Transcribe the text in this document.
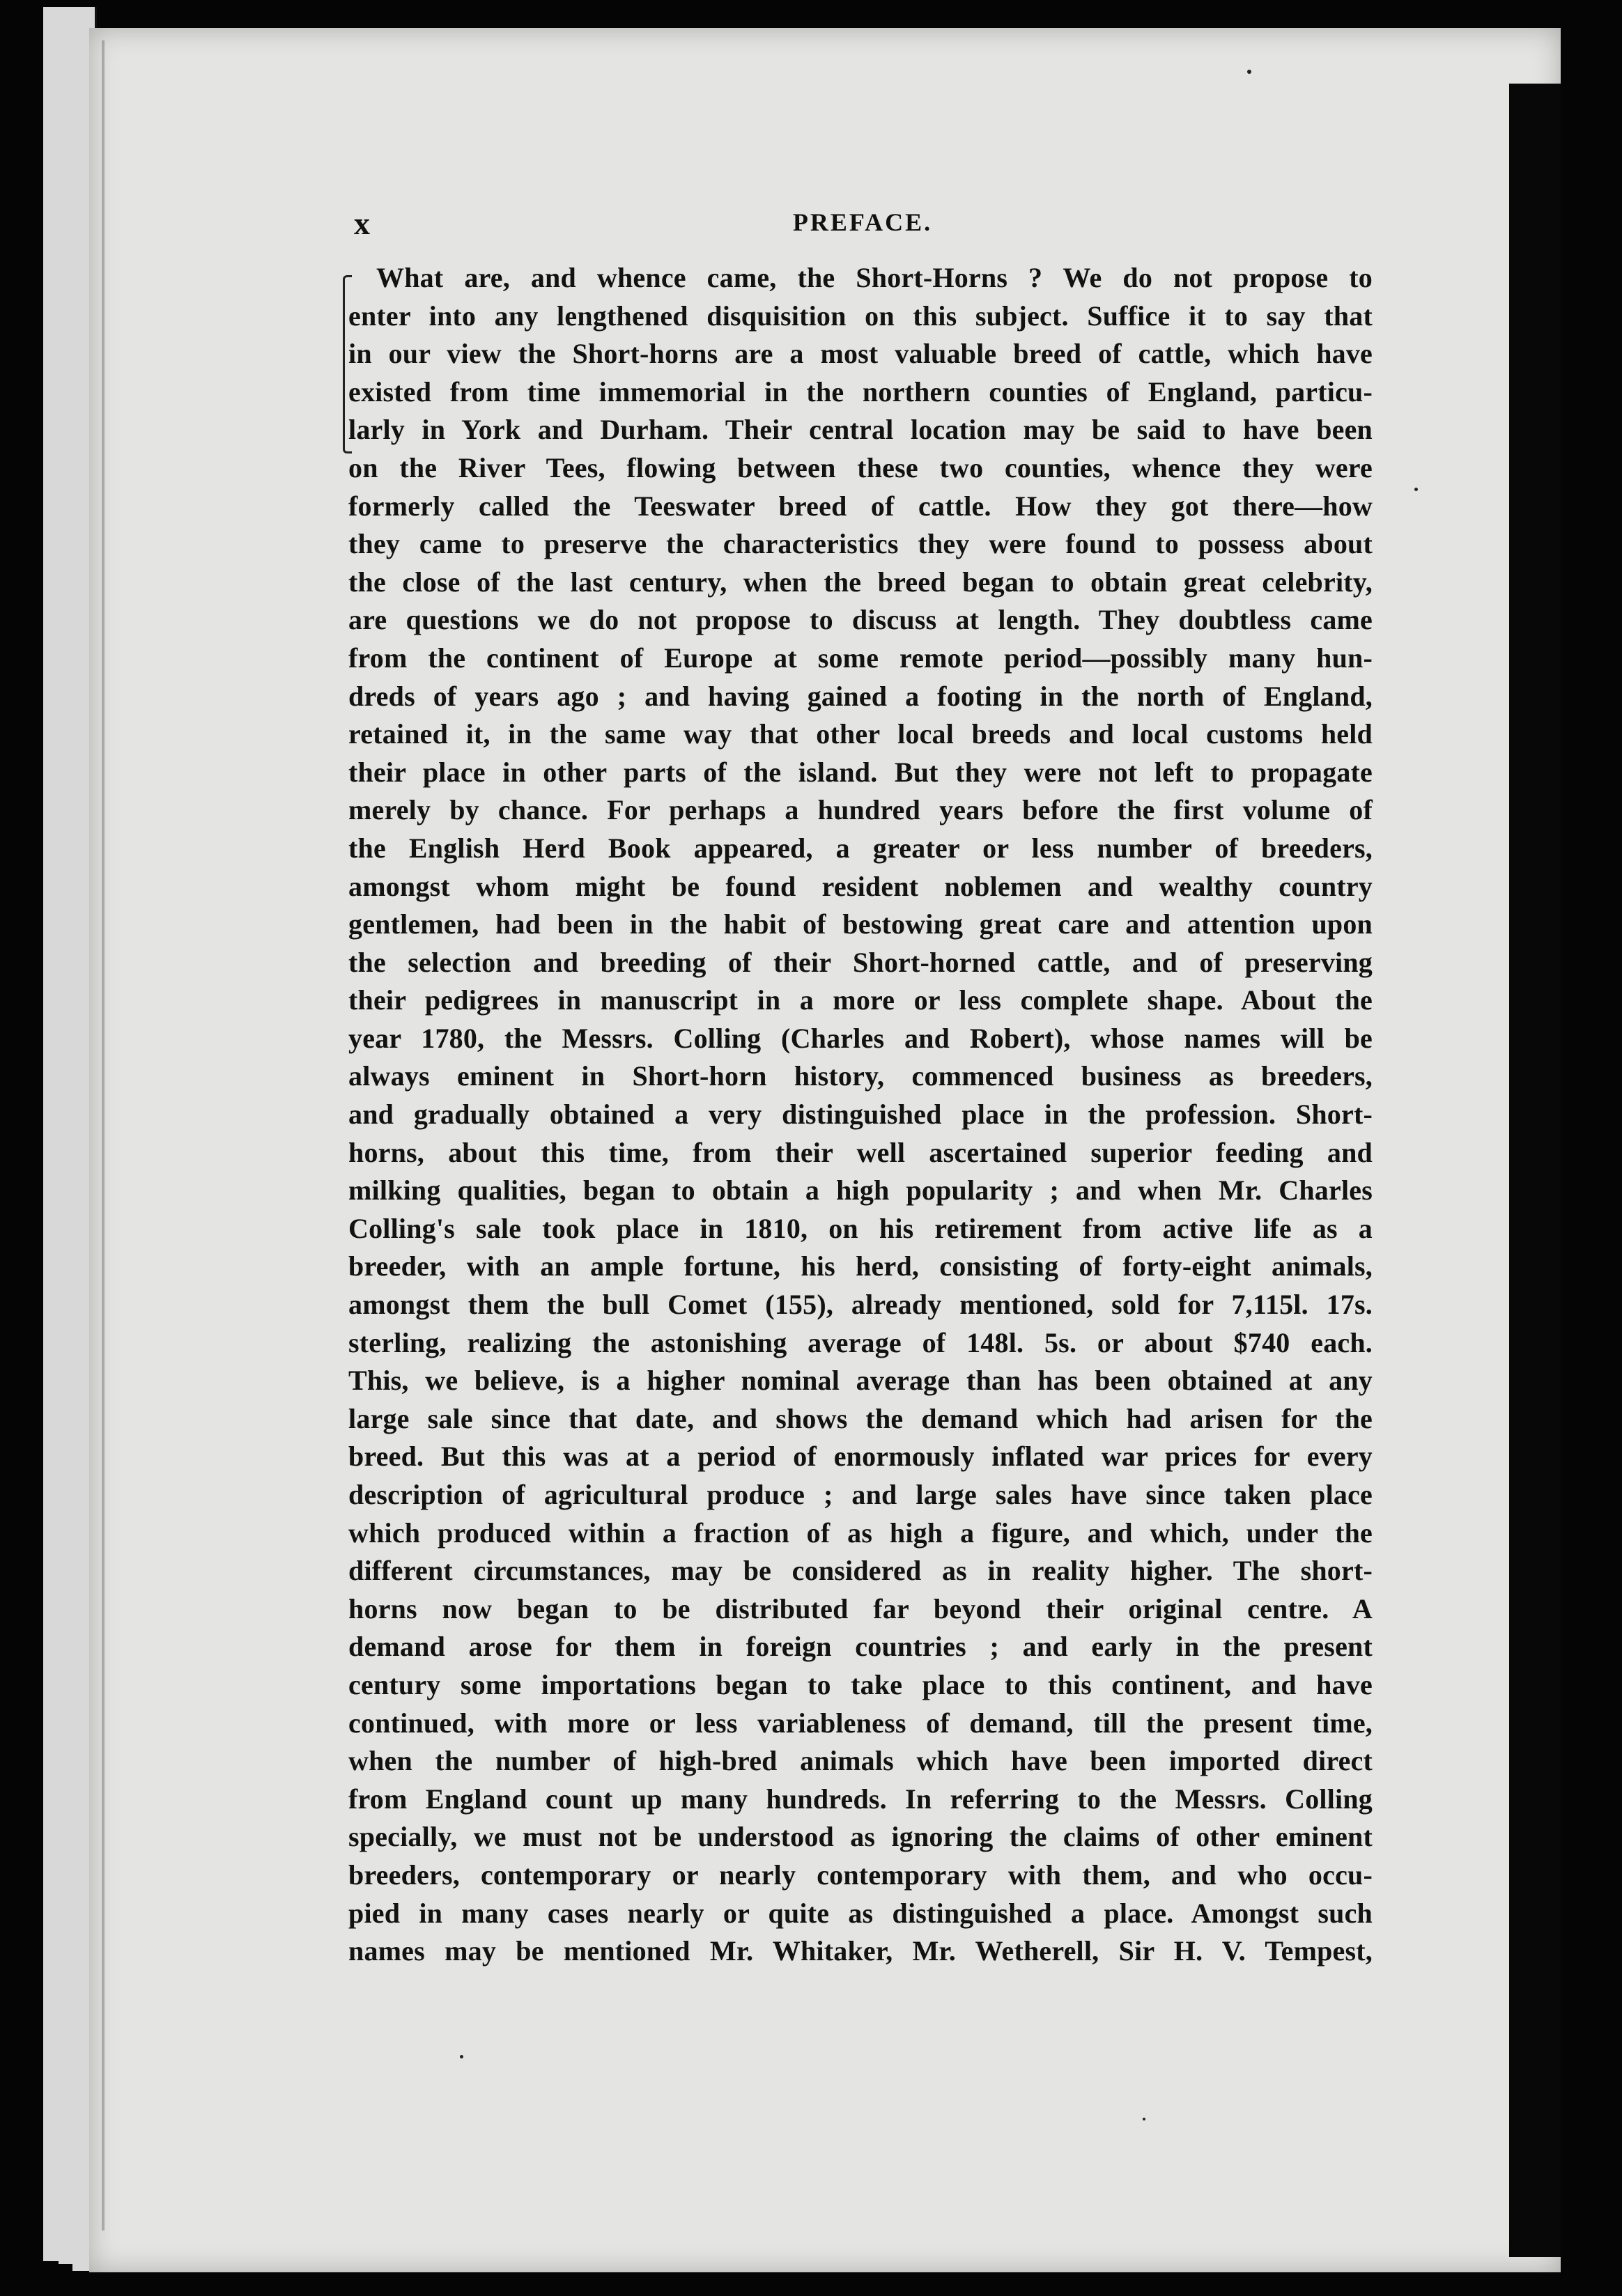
x	PREFACE.
What are, and whence came, the Short-Horns ? We do not propose to
enter into any lengthened disquisition on this subject. Suffice it to say that
in our view the Short-horns are a most valuable breed of cattle, which have
existed from time immemorial in the northern counties of England, particu-
larly in York and Durham. Their central location may be said to have been
on the River Tees, flowing between these two counties, whence they were
formerly called the Teeswater breed of cattle. How they got there—how
they came to preserve the characteristics they were found to possess about
the close of the last century, when the breed began to obtain great celebrity,
are questions we do not propose to discuss at length. They doubtless came
from the continent of Europe at some remote period—possibly many hun-
dreds of years ago ; and having gained a footing in the north of England,
retained it, in the same way that other local breeds and local customs held
their place in other parts of the island. But they were not left to propagate
merely by chance. For perhaps a hundred years before the first volume of
the English Herd Book appeared, a greater or less number of breeders,
amongst whom might be found resident noblemen and wealthy country
gentlemen, had been in the habit of bestowing great care and attention upon
the selection and breeding of their Short-horned cattle, and of preserving
their pedigrees in manuscript in a more or less complete shape. About the
year 1780, the Messrs. Colling (Charles and Robert), whose names will be
always eminent in Short-horn history, commenced business as breeders,
and gradually obtained a very distinguished place in the profession. Short-
horns, about this time, from their well ascertained superior feeding and
milking qualities, began to obtain a high popularity ; and when Mr. Charles
Colling's sale took place in 1810, on his retirement from active life as a
breeder, with an ample fortune, his herd, consisting of forty-eight animals,
amongst them the bull Comet (155), already mentioned, sold for 7,115l. 17s.
sterling, realizing the astonishing average of 148l. 5s. or about $740 each.
This, we believe, is a higher nominal average than has been obtained at any
large sale since that date, and shows the demand which had arisen for the
breed. But this was at a period of enormously inflated war prices for every
description of agricultural produce ; and large sales have since taken place
which produced within a fraction of as high a figure, and which, under the
different circumstances, may be considered as in reality higher. The short-
horns now began to be distributed far beyond their original centre. A
demand arose for them in foreign countries ; and early in the present
century some importations began to take place to this continent, and have
continued, with more or less variableness of demand, till the present time,
when the number of high-bred animals which have been imported direct
from England count up many hundreds. In referring to the Messrs. Colling
specially, we must not be understood as ignoring the claims of other eminent
breeders, contemporary or nearly contemporary with them, and who occu-
pied in many cases nearly or quite as distinguished a place. Amongst such
names may be mentioned Mr. Whitaker, Mr. Wetherell, Sir H. V. Tempest,
